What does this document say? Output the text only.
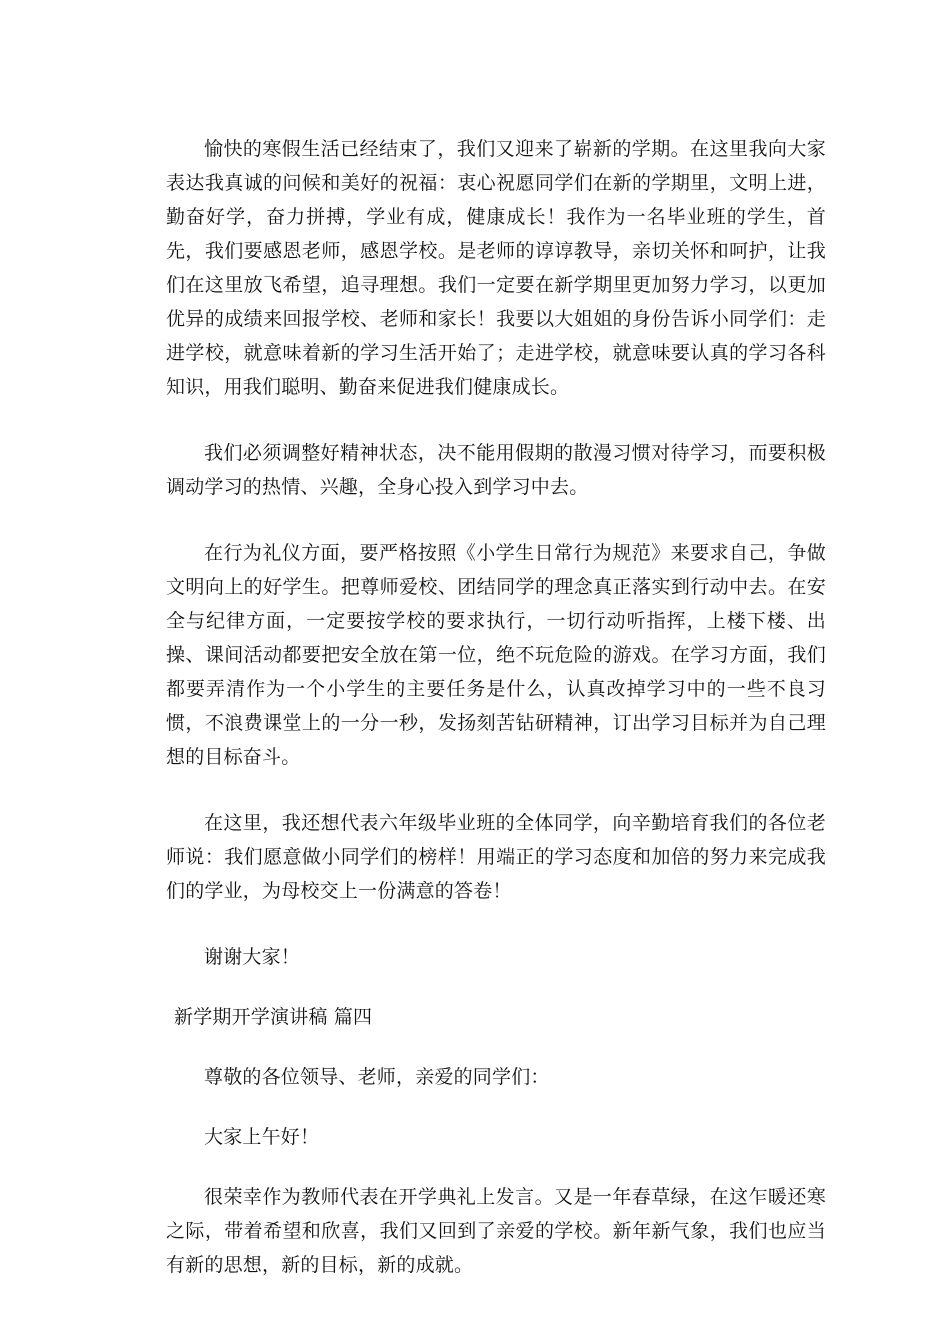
愉快的寒假生活已经结束了，我们又迎来了崭新的学期。在这里我向大家表达我真诚的问候和美好的祝福：衷心祝愿同学们在新的学期里，文明上进，勤奋好学，奋力拼搏，学业有成，健康成长！我作为一名毕业班的学生，首先，我们要感恩老师，感恩学校。是老师的谆谆教导，亲切关怀和呵护，让我们在这里放飞希望，追寻理想。我们一定要在新学期里更加努力学习，以更加优异的成绩来回报学校、老师和家长！我要以大姐姐的身份告诉小同学们：走进学校，就意味着新的学习生活开始了；走进学校，就意味要认真的学习各科知识，用我们聪明、勤奋来促进我们健康成长。

我们必须调整好精神状态，决不能用假期的散漫习惯对待学习，而要积极调动学习的热情、兴趣，全身心投入到学习中去。

在行为礼仪方面，要严格按照《小学生日常行为规范》来要求自己，争做文明向上的好学生。把尊师爱校、团结同学的理念真正落实到行动中去。在安全与纪律方面，一定要按学校的要求执行，一切行动听指挥，上楼下楼、出操、课间活动都要把安全放在第一位，绝不玩危险的游戏。在学习方面，我们都要弄清作为一个小学生的主要任务是什么，认真改掉学习中的一些不良习惯，不浪费课堂上的一分一秒，发扬刻苦钻研精神，订出学习目标并为自己理想的目标奋斗。

在这里，我还想代表六年级毕业班的全体同学，向辛勤培育我们的各位老师说：我们愿意做小同学们的榜样！用端正的学习态度和加倍的努力来完成我们的学业，为母校交上一份满意的答卷！

谢谢大家！

新学期开学演讲稿 篇四

尊敬的各位领导、老师，亲爱的同学们：

大家上午好！

很荣幸作为教师代表在开学典礼上发言。又是一年春草绿，在这乍暖还寒之际，带着希望和欣喜，我们又回到了亲爱的学校。新年新气象，我们也应当有新的思想，新的目标，新的成就。
